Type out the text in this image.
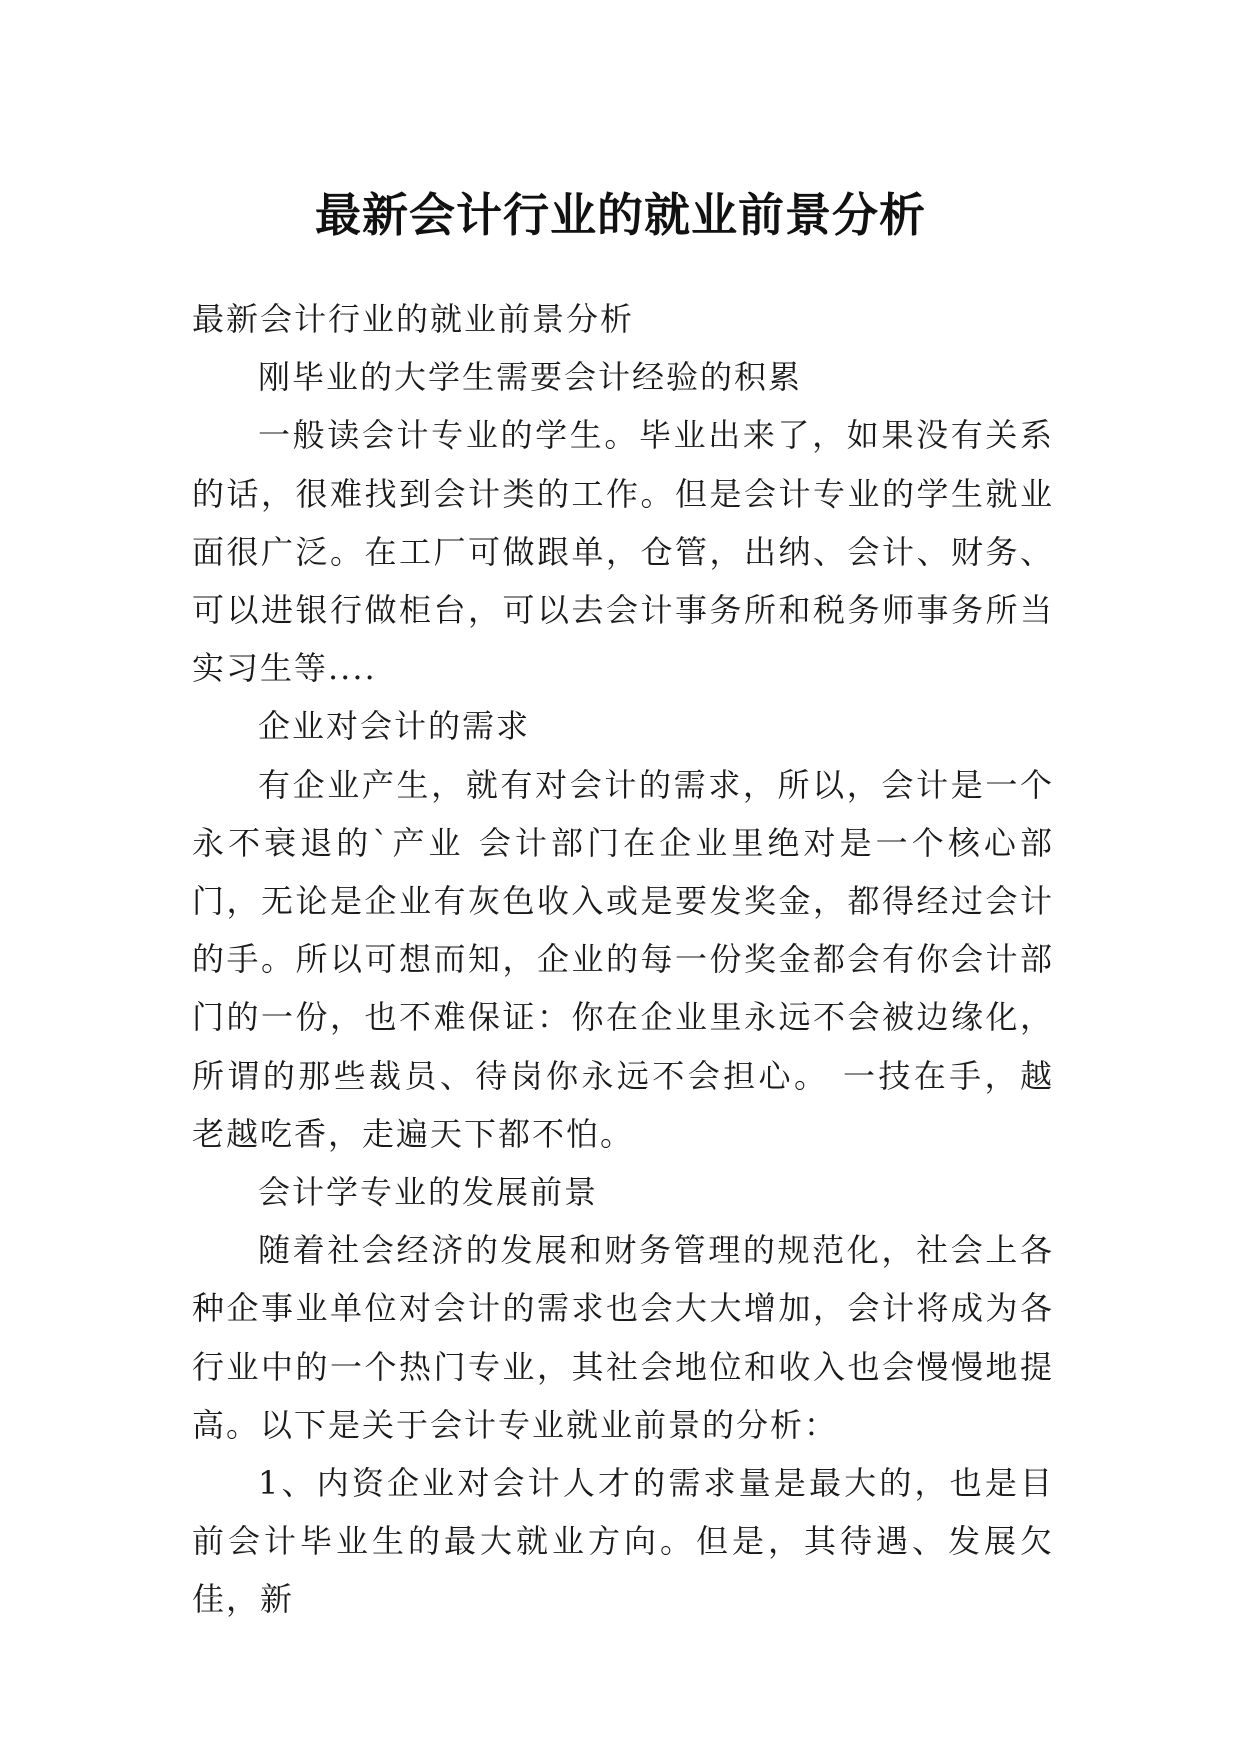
最新会计行业的就业前景分析

最新会计行业的就业前景分析

刚毕业的大学生需要会计经验的积累

一般读会计专业的学生。毕业出来了，如果没有关系的话，很难找到会计类的工作。但是会计专业的学生就业面很广泛。在工厂可做跟单，仓管，出纳、会计、财务、可以进银行做柜台，可以去会计事务所和税务师事务所当实习生等....

企业对会计的需求

有企业产生，就有对会计的需求，所以，会计是一个永不衰退的`产业 会计部门在企业里绝对是一个核心部门，无论是企业有灰色收入或是要发奖金，都得经过会计的手。所以可想而知，企业的每一份奖金都会有你会计部门的一份，也不难保证：你在企业里永远不会被边缘化，所谓的那些裁员、待岗你永远不会担心。 一技在手，越老越吃香，走遍天下都不怕。

会计学专业的发展前景

随着社会经济的发展和财务管理的规范化，社会上各种企事业单位对会计的需求也会大大增加，会计将成为各行业中的一个热门专业，其社会地位和收入也会慢慢地提高。以下是关于会计专业就业前景的分析：

1、内资企业对会计人才的需求量是最大的，也是目前会计毕业生的最大就业方向。但是，其待遇、发展欠佳，新
